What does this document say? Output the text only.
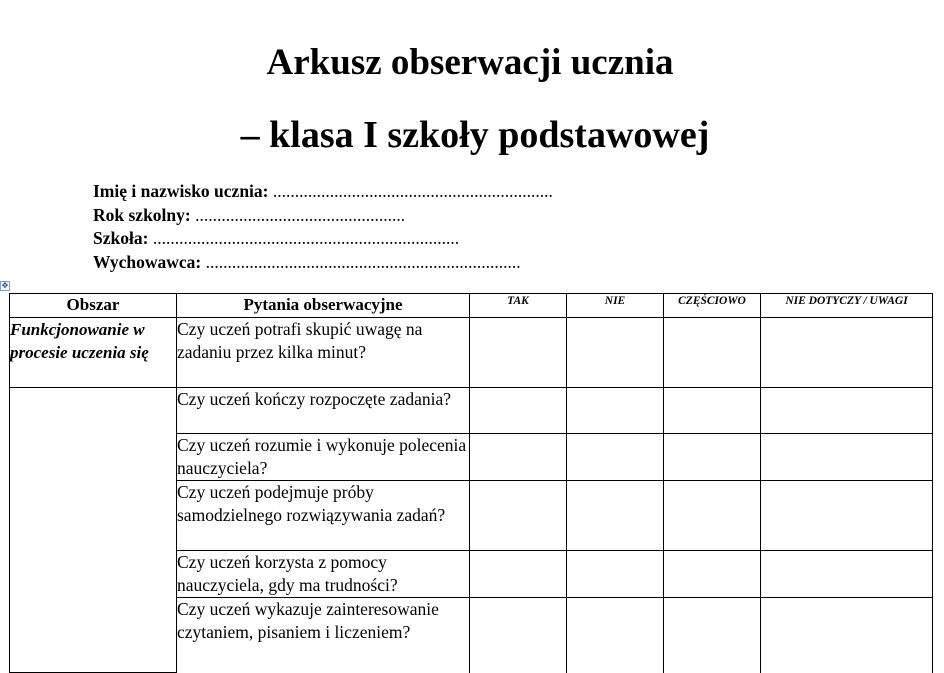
Arkusz obserwacji ucznia
– klasa I szkoły podstawowej
Imię i nazwisko ucznia: ................................................................
Rok szkolny: ................................................
Szkoła: ......................................................................
Wychowawca: ........................................................................
✥
Obszar	Pytania obserwacyjne	TAK	NIE	CZĘŚCIOWO	NIE DOTYCZY / UWAGI
Funkcjonowanie w procesie uczenia się	Czy uczeń potrafi skupić uwagę na zadaniu przez kilka minut?				
	Czy uczeń kończy rozpoczęte zadania?				
	Czy uczeń rozumie i wykonuje polecenia nauczyciela?				
	Czy uczeń podejmuje próby samodzielnego rozwiązywania zadań?				
	Czy uczeń korzysta z pomocy nauczyciela, gdy ma trudności?				
	Czy uczeń wykazuje zainteresowanie czytaniem, pisaniem i liczeniem?				
